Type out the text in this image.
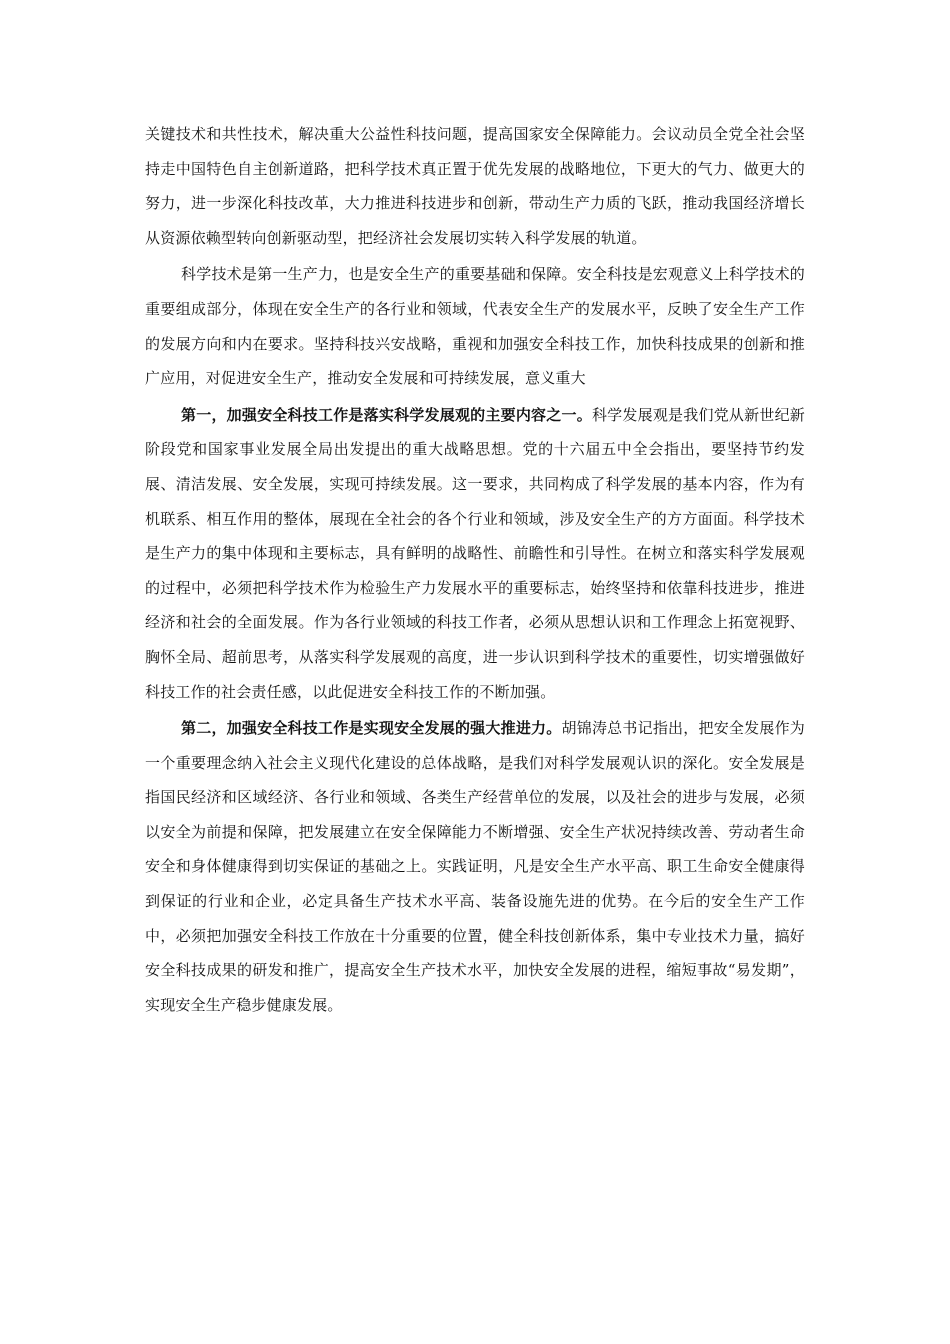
关键技术和共性技术，解决重大公益性科技问题，提高国家安全保障能力。会议动员全党全社会坚持走中国特色自主创新道路，把科学技术真正置于优先发展的战略地位，下更大的气力、做更大的努力，进一步深化科技改革，大力推进科技进步和创新，带动生产力质的飞跃，推动我国经济增长从资源依赖型转向创新驱动型，把经济社会发展切实转入科学发展的轨道。

科学技术是第一生产力，也是安全生产的重要基础和保障。安全科技是宏观意义上科学技术的重要组成部分，体现在安全生产的各行业和领域，代表安全生产的发展水平，反映了安全生产工作的发展方向和内在要求。坚持科技兴安战略，重视和加强安全科技工作，加快科技成果的创新和推广应用，对促进安全生产，推动安全发展和可持续发展，意义重大

第一，加强安全科技工作是落实科学发展观的主要内容之一。科学发展观是我们党从新世纪新阶段党和国家事业发展全局出发提出的重大战略思想。党的十六届五中全会指出，要坚持节约发展、清洁发展、安全发展，实现可持续发展。这一要求，共同构成了科学发展的基本内容，作为有机联系、相互作用的整体，展现在全社会的各个行业和领域，涉及安全生产的方方面面。科学技术是生产力的集中体现和主要标志，具有鲜明的战略性、前瞻性和引导性。在树立和落实科学发展观的过程中，必须把科学技术作为检验生产力发展水平的重要标志，始终坚持和依靠科技进步，推进经济和社会的全面发展。作为各行业领域的科技工作者，必须从思想认识和工作理念上拓宽视野、胸怀全局、超前思考，从落实科学发展观的高度，进一步认识到科学技术的重要性，切实增强做好科技工作的社会责任感，以此促进安全科技工作的不断加强。

第二，加强安全科技工作是实现安全发展的强大推进力。胡锦涛总书记指出，把安全发展作为一个重要理念纳入社会主义现代化建设的总体战略，是我们对科学发展观认识的深化。安全发展是指国民经济和区域经济、各行业和领域、各类生产经营单位的发展，以及社会的进步与发展，必须以安全为前提和保障，把发展建立在安全保障能力不断增强、安全生产状况持续改善、劳动者生命安全和身体健康得到切实保证的基础之上。实践证明，凡是安全生产水平高、职工生命安全健康得到保证的行业和企业，必定具备生产技术水平高、装备设施先进的优势。在今后的安全生产工作中，必须把加强安全科技工作放在十分重要的位置，健全科技创新体系，集中专业技术力量，搞好安全科技成果的研发和推广，提高安全生产技术水平，加快安全发展的进程，缩短事故“易发期”，实现安全生产稳步健康发展。
